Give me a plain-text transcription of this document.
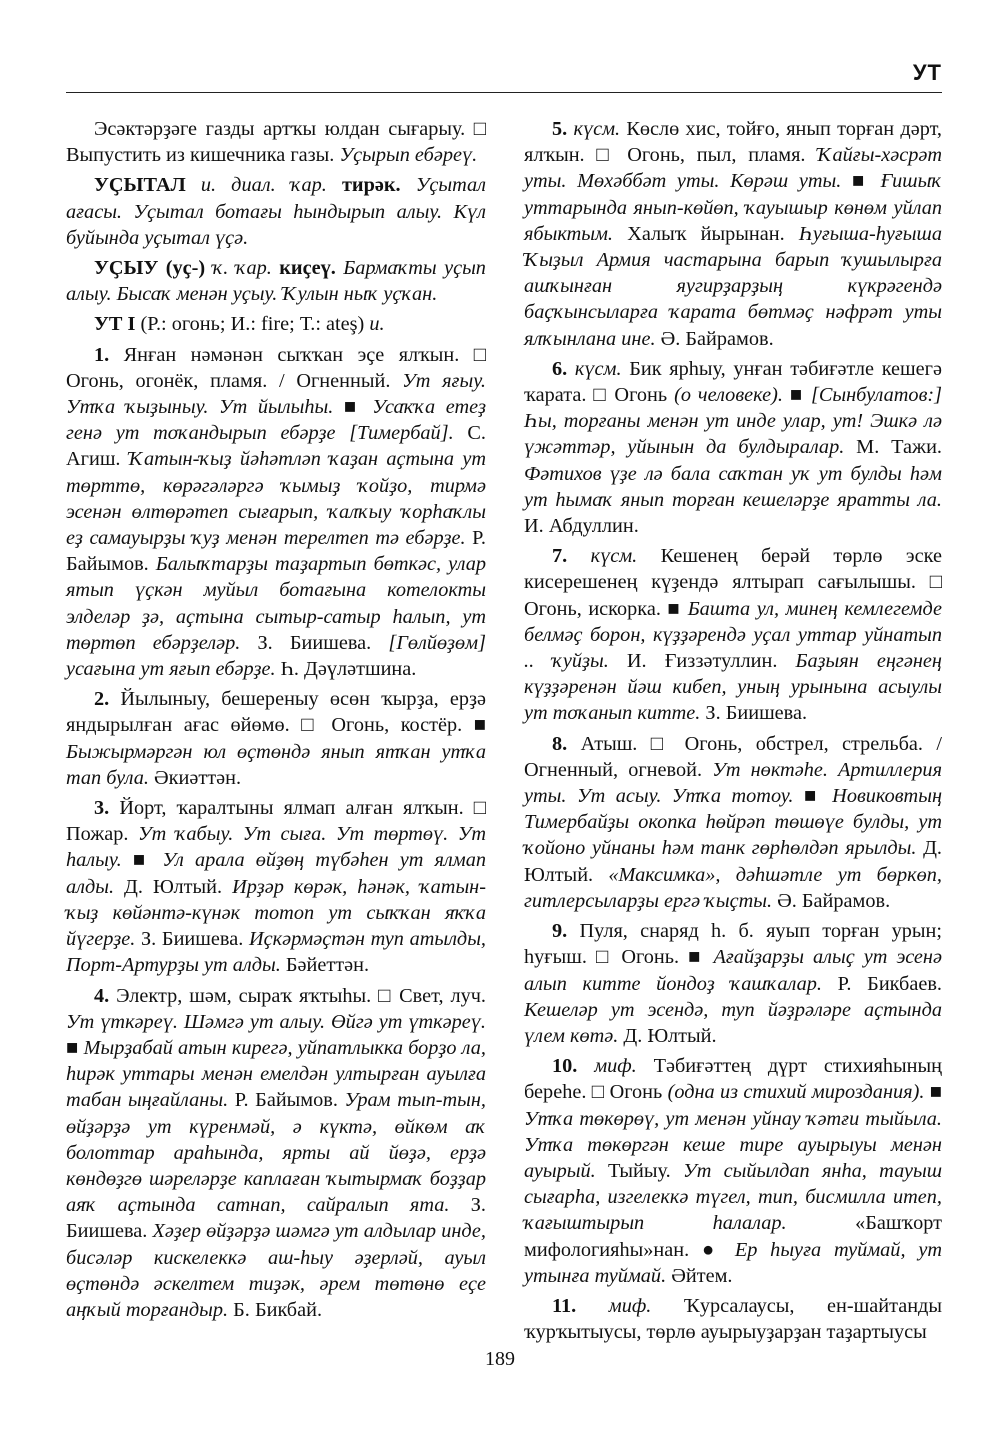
УТ

Эсәктәрҙәге газды артҡы юлдан сығарыу. □ Выпустить из кишечника газы. Уҫырып ебәреү.

УҪЫТАЛ и. диал. ҡар. тирәк. Уҫытал ағасы. Уҫытал ботағы һындырып алыу. Күл буйында уҫытал үҫә.

УҪЫУ (уҫ-) ҡ. ҡар. киҫеү. Бармаҡты уҫып алыу. Бысаҡ менән уҫыу. Ҡулын ныҡ уҫҡан.

УТ I (Р.: огонь; И.: fire; Т.: ateş) и.

1. Янған нәмәнән сыҡҡан эҫе ялҡын. □ Огонь, огонёк, пламя. / Огненный. Ут яғыу. Утҡа ҡыҙыныу. Ут йылыһы. ■ Усаҡҡа етеҙ генә ут тоҡандырып ебәрҙе [Тимербай]. С. Агиш. Ҡатын-ҡыҙ йәһәтләп ҡаҙан аҫтына ут төрттө, көрәгәләргә ҡымыҙ ҡойҙо, тирмә эсенән өлтөрәтеп сығарып, ҡалҡыу ҡорһаҡлы еҙ самауырҙы ҡуҙ менән терелтеп тә ебәрҙе. Р. Байымов. Балыҡтарҙы таҙартып бөткәс, улар ятып үҫкән муйыл ботағына котелокты элделәр ҙә, аҫтына сытыр-сатыр һалып, ут төртөп ебәрҙеләр. З. Биишева. [Гөлйөҙөм] усағына ут яғып ебәрҙе. Һ. Дәүләтшина.

2. Йылыныу, бешереныу өсөн ҡырҙа, ерҙә яндырылған ағас өйөмө. □ Огонь, костёр. ■ Быжырмәргән юл өҫтөндә янып ятҡан утҡа тап була. Әкиәттән.

3. Йорт, ҡаралтыны ялмап алған ялҡын. □ Пожар. Ут ҡабыу. Ут сыға. Ут төртөү. Ут һалыу. ■ Ул арала өйҙөң түбәһен ут ялмап алды. Д. Юлтый. Ирҙәр көрәк, һәнәк, ҡатын-ҡыҙ көйәнтә-күнәк тотоп ут сыҡҡан яҡҡа йүгерҙе. З. Биишева. Иҫкәрмәҫтән туп атылды, Порт-Артурҙы ут алды. Бәйеттән.

4. Электр, шәм, сыраҡ яҡтыһы. □ Свет, луч. Ут үткәреү. Шәмгә ут алыу. Өйгә ут үткәреү. ■ Мырҙабай атын кирегә, уйпатлыкка борҙо ла, һирәк уттары менән емелдән ултырған ауылға табан ыңғайланы. Р. Байымов. Урам тып-тын, өйҙәрҙә ут күренмәй, ә күктә, өйкөм аҡ болоттар араһында, ярты ай йөҙә, ерҙә көндөҙгө шәреләрҙе каплаған ҡытырмаҡ боҙҙар аяҡ аҫтында сатнап, сайралып ята. З. Биишева. Хәҙер өйҙәрҙә шәмгә ут алдылар инде, бисәләр кискелеккә аш-һыу әҙерләй, ауыл өҫтөндә әскелтем тиҙәк, әрем төтөнө еҫе аңҡый торғандыр. Б. Бикбай.

5. күсм. Көслө хис, тойғо, янып торған дәрт, ялҡын. □ Огонь, пыл, пламя. Ҡайғы-хәсрәт уты. Мөхәббәт уты. Көрәш уты. ■ Ғишыҡ уттарында янып-көйөп, ҡауышыр көнөм уйлап ябыктым. Халыҡ йырынан. Һуғыша-һуғыша Ҡыҙыл Армия частарына барып ҡушылырға ашҡынған яугирҙарҙың күкрәгендә баҫҡынсыларға ҡарата бөтмәҫ нәфрәт уты ялҡынлана ине. Ә. Байрамов.

6. күсм. Бик ярһыу, унған тәбиғәтле кешегә ҡарата. □ Огонь (о человеке). ■ [Сынбулатов:] Һы, торғаны менән ут инде улар, ут! Эшкә лә үжәттәр, уйынын да булдыралар. М. Тажи. Фәтихов үҙе лә бала саҡтан уҡ ут булды һәм ут һымаҡ янып торған кешеләрҙе яратты ла. И. Абдуллин.

7. күсм. Кешенең берәй төрлө эске кисерешенең күҙендә ялтырап сағылышы. □ Огонь, искорка. ■ Башта ул, минең кемлегемде белмәҫ борон, күҙҙәрендә уҫал уттар уйнатып .. ҡуйҙы. И. Ғиззәтуллин. Баҙыян еңгәнең күҙҙәренән йәш кибеп, уның урынына асыулы ут тоҡанып китте. З. Биишева.

8. Атыш. □ Огонь, обстрел, стрельба. / Огненный, огневой. Ут нөктәһе. Артиллерия уты. Ут асыу. Утҡа тотоу. ■ Новиковтың Тимербайҙы окопка һөйрәп төшөүе булды, ут ҡойоно уйнаны һәм танк гөрһөлдәп ярылды. Д. Юлтый. «Максимка», дәһшәтле ут бөркөп, гитлерсыларҙы ергә ҡыҫты. Ә. Байрамов.

9. Пуля, снаряд һ. б. яуып торған урын; һуғыш. □ Огонь. ■ Ағайҙарҙы алыҫ ут эсенә алып китте йондоҙ ҡашҡалар. Р. Бикбаев. Кешеләр ут эсендә, туп йәҙрәләре аҫтында үлем көтә. Д. Юлтый.

10. миф. Тәбиғәттең дүрт стихияһының береһе. □ Огонь (одна из стихий мироздания). ■ Утҡа төкөрөү, ут менән уйнау ҡәтғи тыйыла. Утҡа төкөргән кеше тире ауырыуы менән ауырый. Тыйыу. Ут сыйылдап янһа, тауыш сығарһа, изгелеккә түгел, тип, бисмилла итеп, ҡағыштырып һалалар. «Башҡорт мифологияһы»нан. ● Ер һыуға туймай, ут утынға туймай. Әйтем.

11. миф. Ҡурсалаусы, ен-шайтанды ҡурҡытыусы, төрлө ауырыуҙарҙан таҙартыусы

189
